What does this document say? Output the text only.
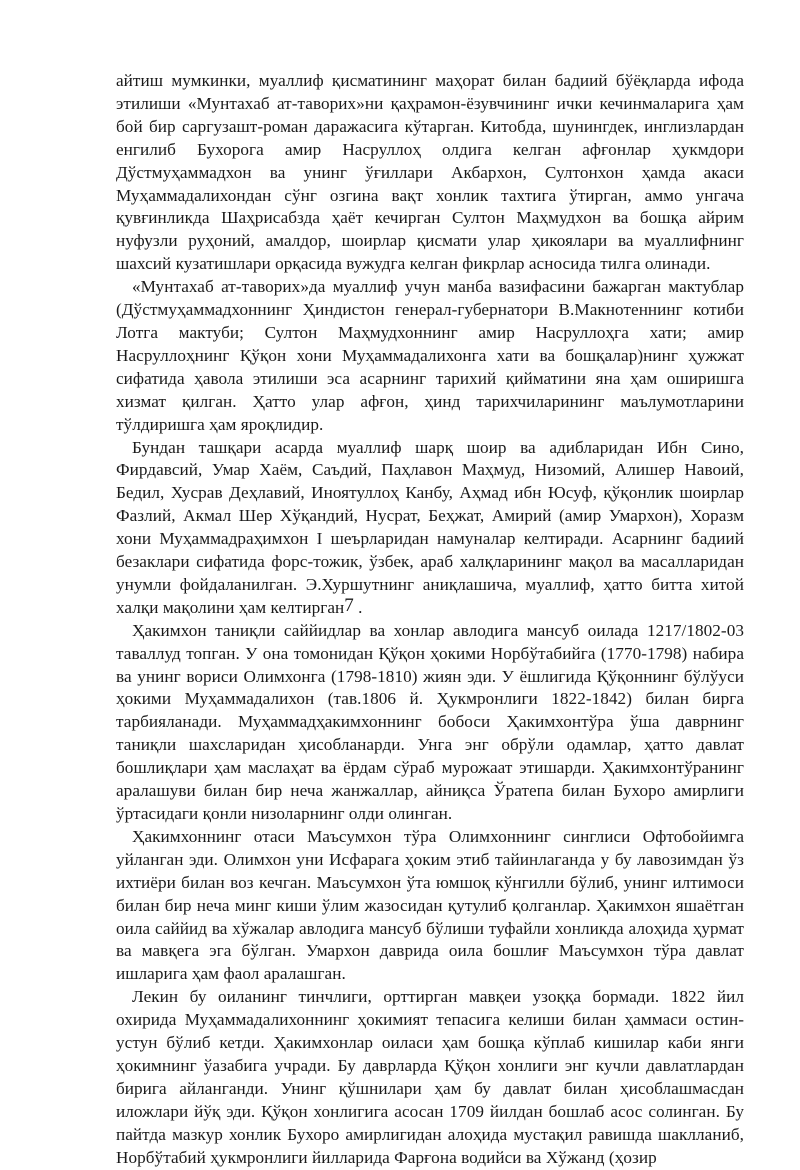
айтиш мумкинки, муаллиф қисматининг маҳорат билан бадиий бўёқларда ифода этилиши «Мунтахаб ат-таворих»ни қаҳрамон-ёзувчининг ички кечинмаларига ҳам бой бир саргузашт-роман даражасига кўтарган. Китобда, шунингдек, инглизлардан енгилиб Бухорога амир Насруллоҳ олдига келган афғонлар ҳукмдори Дўстмуҳаммадхон ва унинг ўғиллари Акбархон, Султонхон ҳамда акаси Муҳаммадалихондан сўнг озгина вақт хонлик тахтига ўтирган, аммо унгача қувғинликда Шаҳрисабзда ҳаёт кечирган Султон Маҳмудхон ва бошқа айрим нуфузли руҳоний, амалдор, шоирлар қисмати улар ҳикоялари ва муаллифнинг шахсий кузатишлари орқасида вужудга келган фикрлар асносида тилга олинади.

«Мунтахаб ат-таворих»да муаллиф учун манба вазифасини бажарган мактублар (Дўстмуҳаммадхоннинг Ҳиндистон генерал-губернатори В.Макнотеннинг котиби Лотга мактуби; Султон Маҳмудхоннинг амир Насруллоҳга хати; амир Насруллоҳнинг Қўқон хони Муҳаммадалихонга хати ва бошқалар)нинг ҳужжат сифатида ҳавола этилиши эса асарнинг тарихий қийматини яна ҳам оширишга хизмат қилган. Ҳатто улар афғон, ҳинд тарихчиларининг маълумотларини тўлдиришга ҳам яроқлидир.

Бундан ташқари асарда муаллиф шарқ шоир ва адибларидан Ибн Сино, Фирдавсий, Умар Хаём, Саъдий, Паҳлавон Маҳмуд, Низомий, Алишер Навоий, Бедил, Хусрав Деҳлавий, Иноятуллоҳ Канбу, Аҳмад ибн Юсуф, қўқонлик шоирлар Фазлий, Акмал Шер Хўқандий, Нусрат, Беҳжат, Амирий (амир Умархон), Хоразм хони Муҳаммадраҳимхон I шеърларидан намуналар келтиради. Асарнинг бадиий безаклари сифатида форс-тожик, ўзбек, араб халқларининг мақол ва масалларидан унумли фойдаланилган. Э.Хуршутнинг аниқлашича, муаллиф, ҳатто битта хитой халқи мақолини ҳам келтирган7 .

Ҳакимхон таниқли саййидлар ва хонлар авлодига мансуб оилада 1217/1802-03 таваллуд топган. У она томонидан Қўқон ҳокими Норбўтабийга (1770-1798) набира ва унинг вориси Олимхонга (1798-1810) жиян эди. У ёшлигида Қўқоннинг бўлўуси ҳокими Муҳаммадалихон (тав.1806 й. Ҳукмронлиги 1822-1842) билан бирга тарбияланади. Муҳаммадҳакимхоннинг бобоси Ҳакимхонтўра ўша даврнинг таниқли шахсларидан ҳисобланарди. Унга энг обрўли одамлар, ҳатто давлат бошлиқлари ҳам маслаҳат ва ёрдам сўраб мурожаат этишарди. Ҳакимхонтўранинг аралашуви билан бир неча жанжаллар, айниқса Ўратепа билан Бухоро амирлиги ўртасидаги қонли низоларнинг олди олинган.

Ҳакимхоннинг отаси Маъсумхон тўра Олимхоннинг синглиси Офтобойимга уйланган эди. Олимхон уни Исфарага ҳоким этиб тайинлаганда у бу лавозимдан ўз ихтиёри билан воз кечган. Маъсумхон ўта юмшоқ кўнгилли бўлиб, унинг илтимоси билан бир неча минг киши ўлим жазосидан қутулиб қолганлар. Ҳакимхон яшаётган оила саййид ва хўжалар авлодига мансуб бўлиши туфайли хонликда алоҳида ҳурмат ва мавқега эга бўлган. Умархон даврида оила бошлиғ Маъсумхон тўра давлат ишларига ҳам фаол аралашган.

Лекин бу оиланинг тинчлиги, орттирган мавқеи узоққа бормади. 1822 йил охирида Муҳаммадалихоннинг ҳокимият тепасига келиши билан ҳаммаси остин-устун бўлиб кетди. Ҳакимхонлар оиласи ҳам бошқа кўплаб кишилар каби янги ҳокимнинг ўазабига учради. Бу даврларда Қўқон хонлиги энг кучли давлатлардан бирига айланганди. Унинг қўшнилари ҳам бу давлат билан ҳисоблашмасдан иложлари йўқ эди. Қўқон хонлигига асосан 1709 йилдан бошлаб асос солинган. Бу пайтда мазкур хонлик Бухоро амирлигидан алоҳида мустақил равишда шаклланиб, Норбўтабий ҳукмронлиги йилларида Фарғона водийси ва Хўжанд (ҳозир
